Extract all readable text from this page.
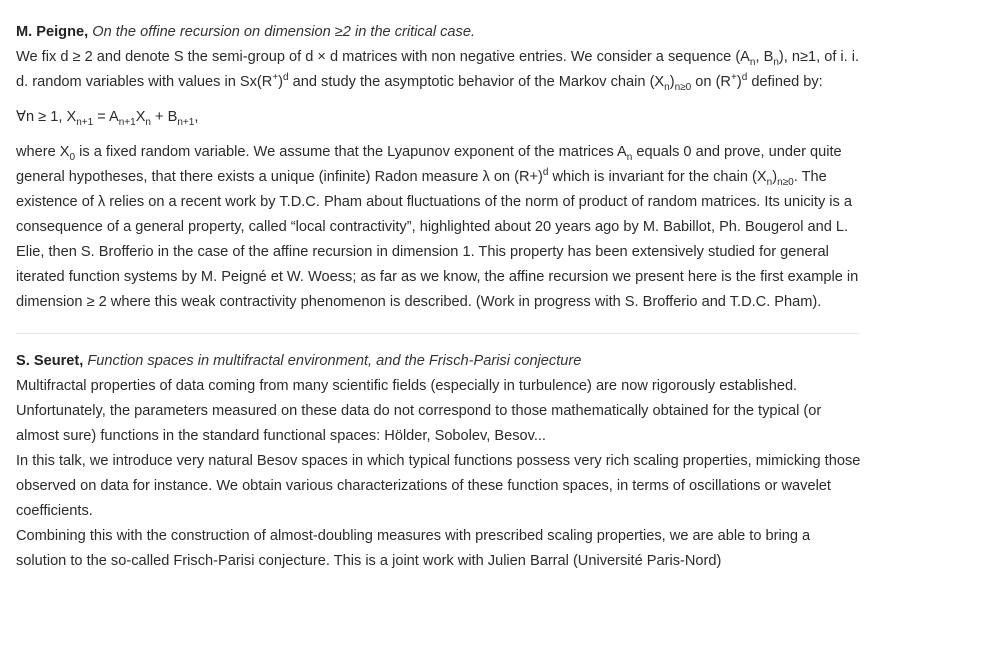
M. Peigne, On the offine recursion on dimension ≥2 in the critical case.

We fix d ≥ 2 and denote S the semi-group of d × d matrices with non negative entries. We consider a sequence ($A_n$, $B_n$), n≥1, of i. i. d. random variables with values in $Sx(R^+)^d$ and study the asymptotic behavior of the Markov chain $(X_n)_{n\ge 0}$ on $(R^+)^d$ defined by:

∀n ≥ 1, $X_{n+1} = A_{n+1}X_n + B_{n+1}$,

where $X_0$ is a fixed random variable. We assume that the Lyapunov exponent of the matrices $A_n$ equals 0 and prove, under quite general hypotheses, that there exists a unique (infinite) Radon measure λ on $(R+)^d$ which is invariant for the chain $(X_n)_{n\ge 0}$. The existence of λ relies on a recent work by T.D.C. Pham about fluctuations of the norm of product of random matrices. Its unicity is a consequence of a general property, called “local contractivity”, highlighted about 20 years ago by M. Babillot, Ph. Bougerol and L. Elie, then S. Brofferio in the case of the affine recursion in dimension 1. This property has been extensively studied for general iterated function systems by M. Peigné et W. Woess; as far as we know, the affine recursion we present here is the first example in dimension ≥ 2 where this weak contractivity phenomenon is described. (Work in progress with S. Brofferio and T.D.C. Pham).

S. Seuret, Function spaces in multifractal environment, and the Frisch-Parisi conjecture

Multifractal properties of data coming from many scientific fields (especially in turbulence) are now rigorously established. Unfortunately, the parameters measured on these data do not correspond to those mathematically obtained for the typical (or almost sure) functions in the standard functional spaces: Hölder, Sobolev, Besov...

In this talk, we introduce very natural Besov spaces in which typical functions possess very rich scaling properties, mimicking those observed on data for instance. We obtain various characterizations of these function spaces, in terms of oscillations or wavelet coefficients.

Combining this with the construction of almost-doubling measures with prescribed scaling properties, we are able to bring a solution to the so-called Frisch-Parisi conjecture. This is a joint work with Julien Barral (Université Paris-Nord)
